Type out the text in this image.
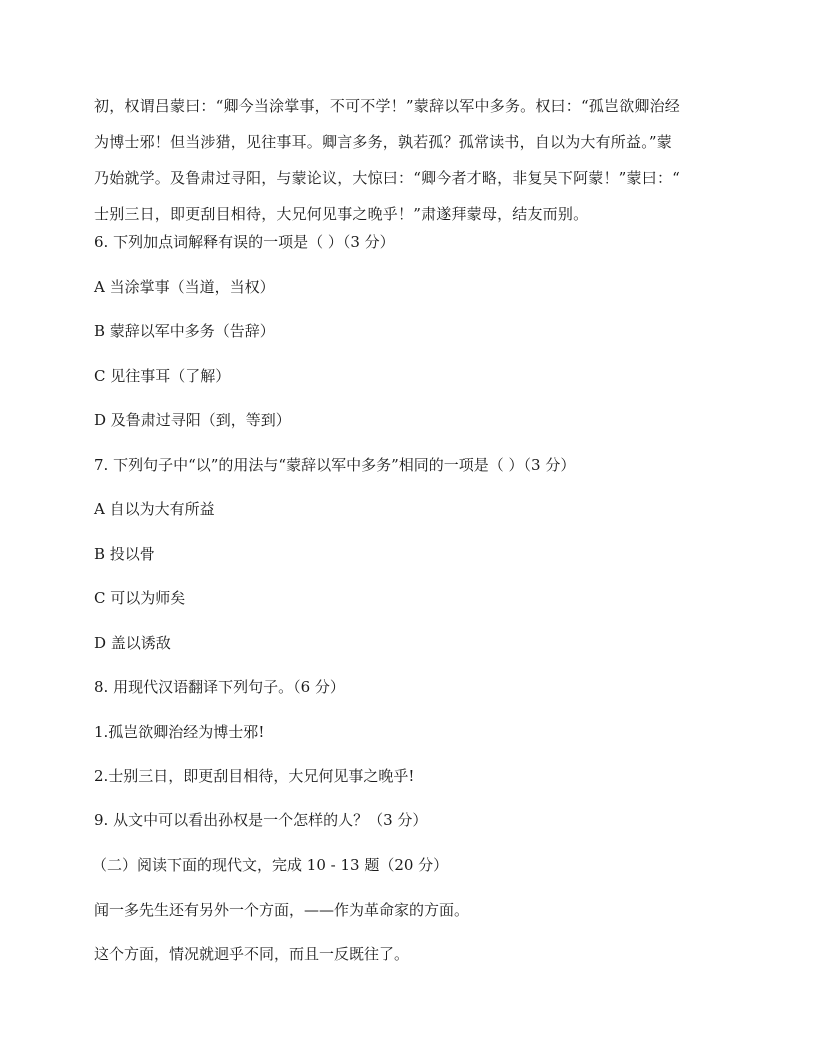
初，权谓吕蒙曰：“卿今当涂掌事，不可不学！”蒙辞以军中多务。权曰：“孤岂欲卿治经
为博士邪！但当涉猎，见往事耳。卿言多务，孰若孤？孤常读书，自以为大有所益。”蒙
乃始就学。及鲁肃过寻阳，与蒙论议，大惊曰：“卿今者才略，非复吴下阿蒙！”蒙曰：“
士别三日，即更刮目相待，大兄何见事之晚乎！”肃遂拜蒙母，结友而别。
6. 下列加点词解释有误的一项是（ ）（3 分）
A 当涂掌事（当道，当权）
B 蒙辞以军中多务（告辞）
C 见往事耳（了解）
D 及鲁肃过寻阳（到，等到）
7. 下列句子中“以”的用法与“蒙辞以军中多务”相同的一项是（ ）（3 分）
A 自以为大有所益
B 投以骨
C 可以为师矣
D 盖以诱敌
8. 用现代汉语翻译下列句子。（6 分）
1.孤岂欲卿治经为博士邪!
2.士别三日，即更刮目相待，大兄何见事之晚乎!
9. 从文中可以看出孙权是一个怎样的人？（3 分）
（二）阅读下面的现代文，完成 10 - 13 题（20 分）
闻一多先生还有另外一个方面，——作为革命家的方面。
这个方面，情况就迥乎不同，而且一反既往了。
